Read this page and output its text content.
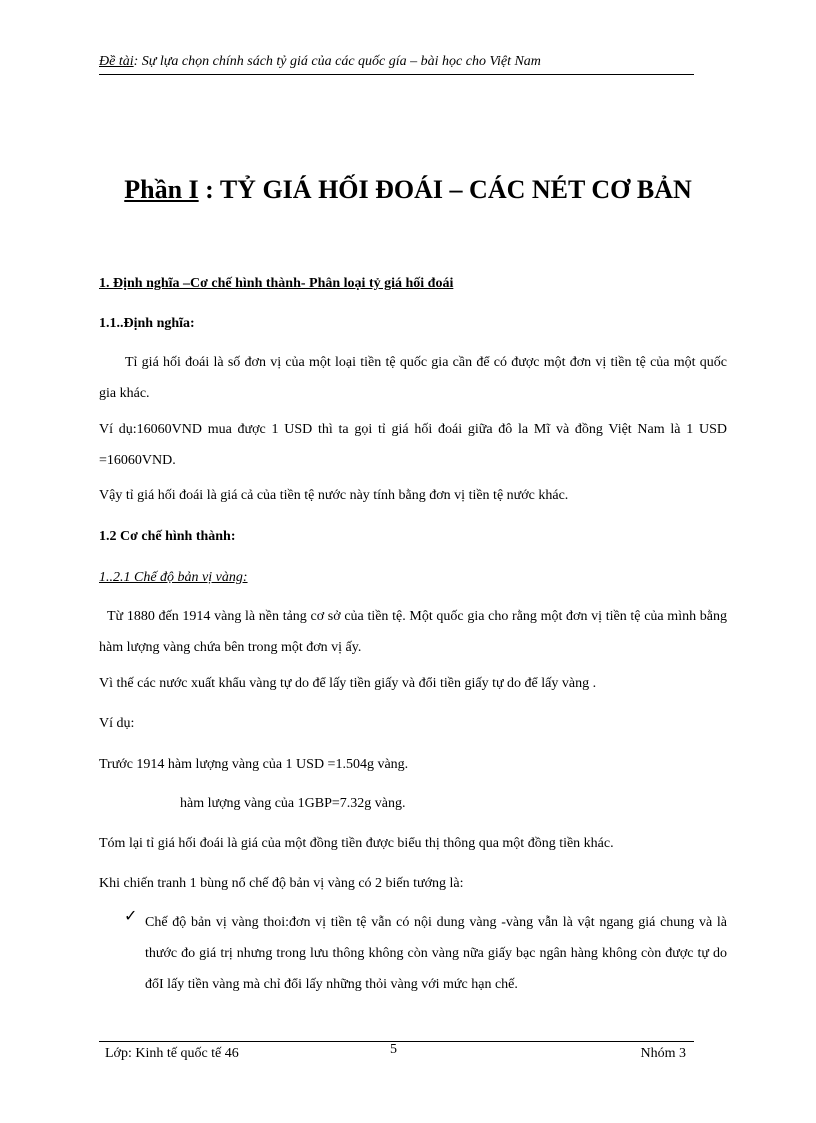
Đề tài: Sự lựa chọn chính sách tỷ giá của các quốc gía – bài học cho Việt Nam
Phần I : TỶ GIÁ HỐI ĐOÁI – CÁC NÉT CƠ BẢN

1. Định nghĩa –Cơ chế hình thành- Phân loại tỷ giá hối đoái

1.1..Định nghĩa:

Tỉ giá hối đoái là số đơn vị của một loại tiền tệ quốc gia cần để có được một đơn vị tiền tệ của một quốc gia khác.

Ví dụ:16060VND mua được 1 USD thì ta gọi tỉ giá hối đoái giữa đô la Mĩ và đồng Việt Nam là 1 USD =16060VND.

Vậy tỉ giá hối đoái là giá cả của tiền tệ nước này tính bằng đơn vị tiền tệ nước khác.

1.2 Cơ chế hình thành:

1..2.1 Chế độ bản vị vàng:

Từ 1880 đến 1914 vàng là nền tảng cơ sở của tiền tệ. Một quốc gia cho rằng một đơn vị tiền tệ của mình bằng hàm lượng vàng chứa bên trong một đơn vị ấy.

Vì thế các nước xuất khẩu vàng tự do để lấy tiền giấy và đổi tiền giấy tự do để lấy vàng .

Ví dụ:

Trước 1914 hàm lượng vàng của 1 USD =1.504g vàng.

hàm lượng vàng của 1GBP=7.32g vàng.

Tóm lại tỉ giá hối đoái là giá của một đồng tiền được biểu thị thông qua một đồng tiền khác.

Khi chiến tranh 1 bùng nổ chế độ bản vị vàng có 2 biến tướng là:

✓ Chế độ bản vị vàng thoi:đơn vị tiền tệ vẫn có nội dung vàng -vàng vẫn là vật ngang giá chung và là thước đo giá trị nhưng trong lưu thông không còn vàng nữa giấy bạc ngân hàng không còn được tự do đổI lấy tiền vàng mà chỉ đổi lấy những thỏi vàng với mức hạn chế.

Lớp: Kinh tế quốc tế 46	5	Nhóm 3
